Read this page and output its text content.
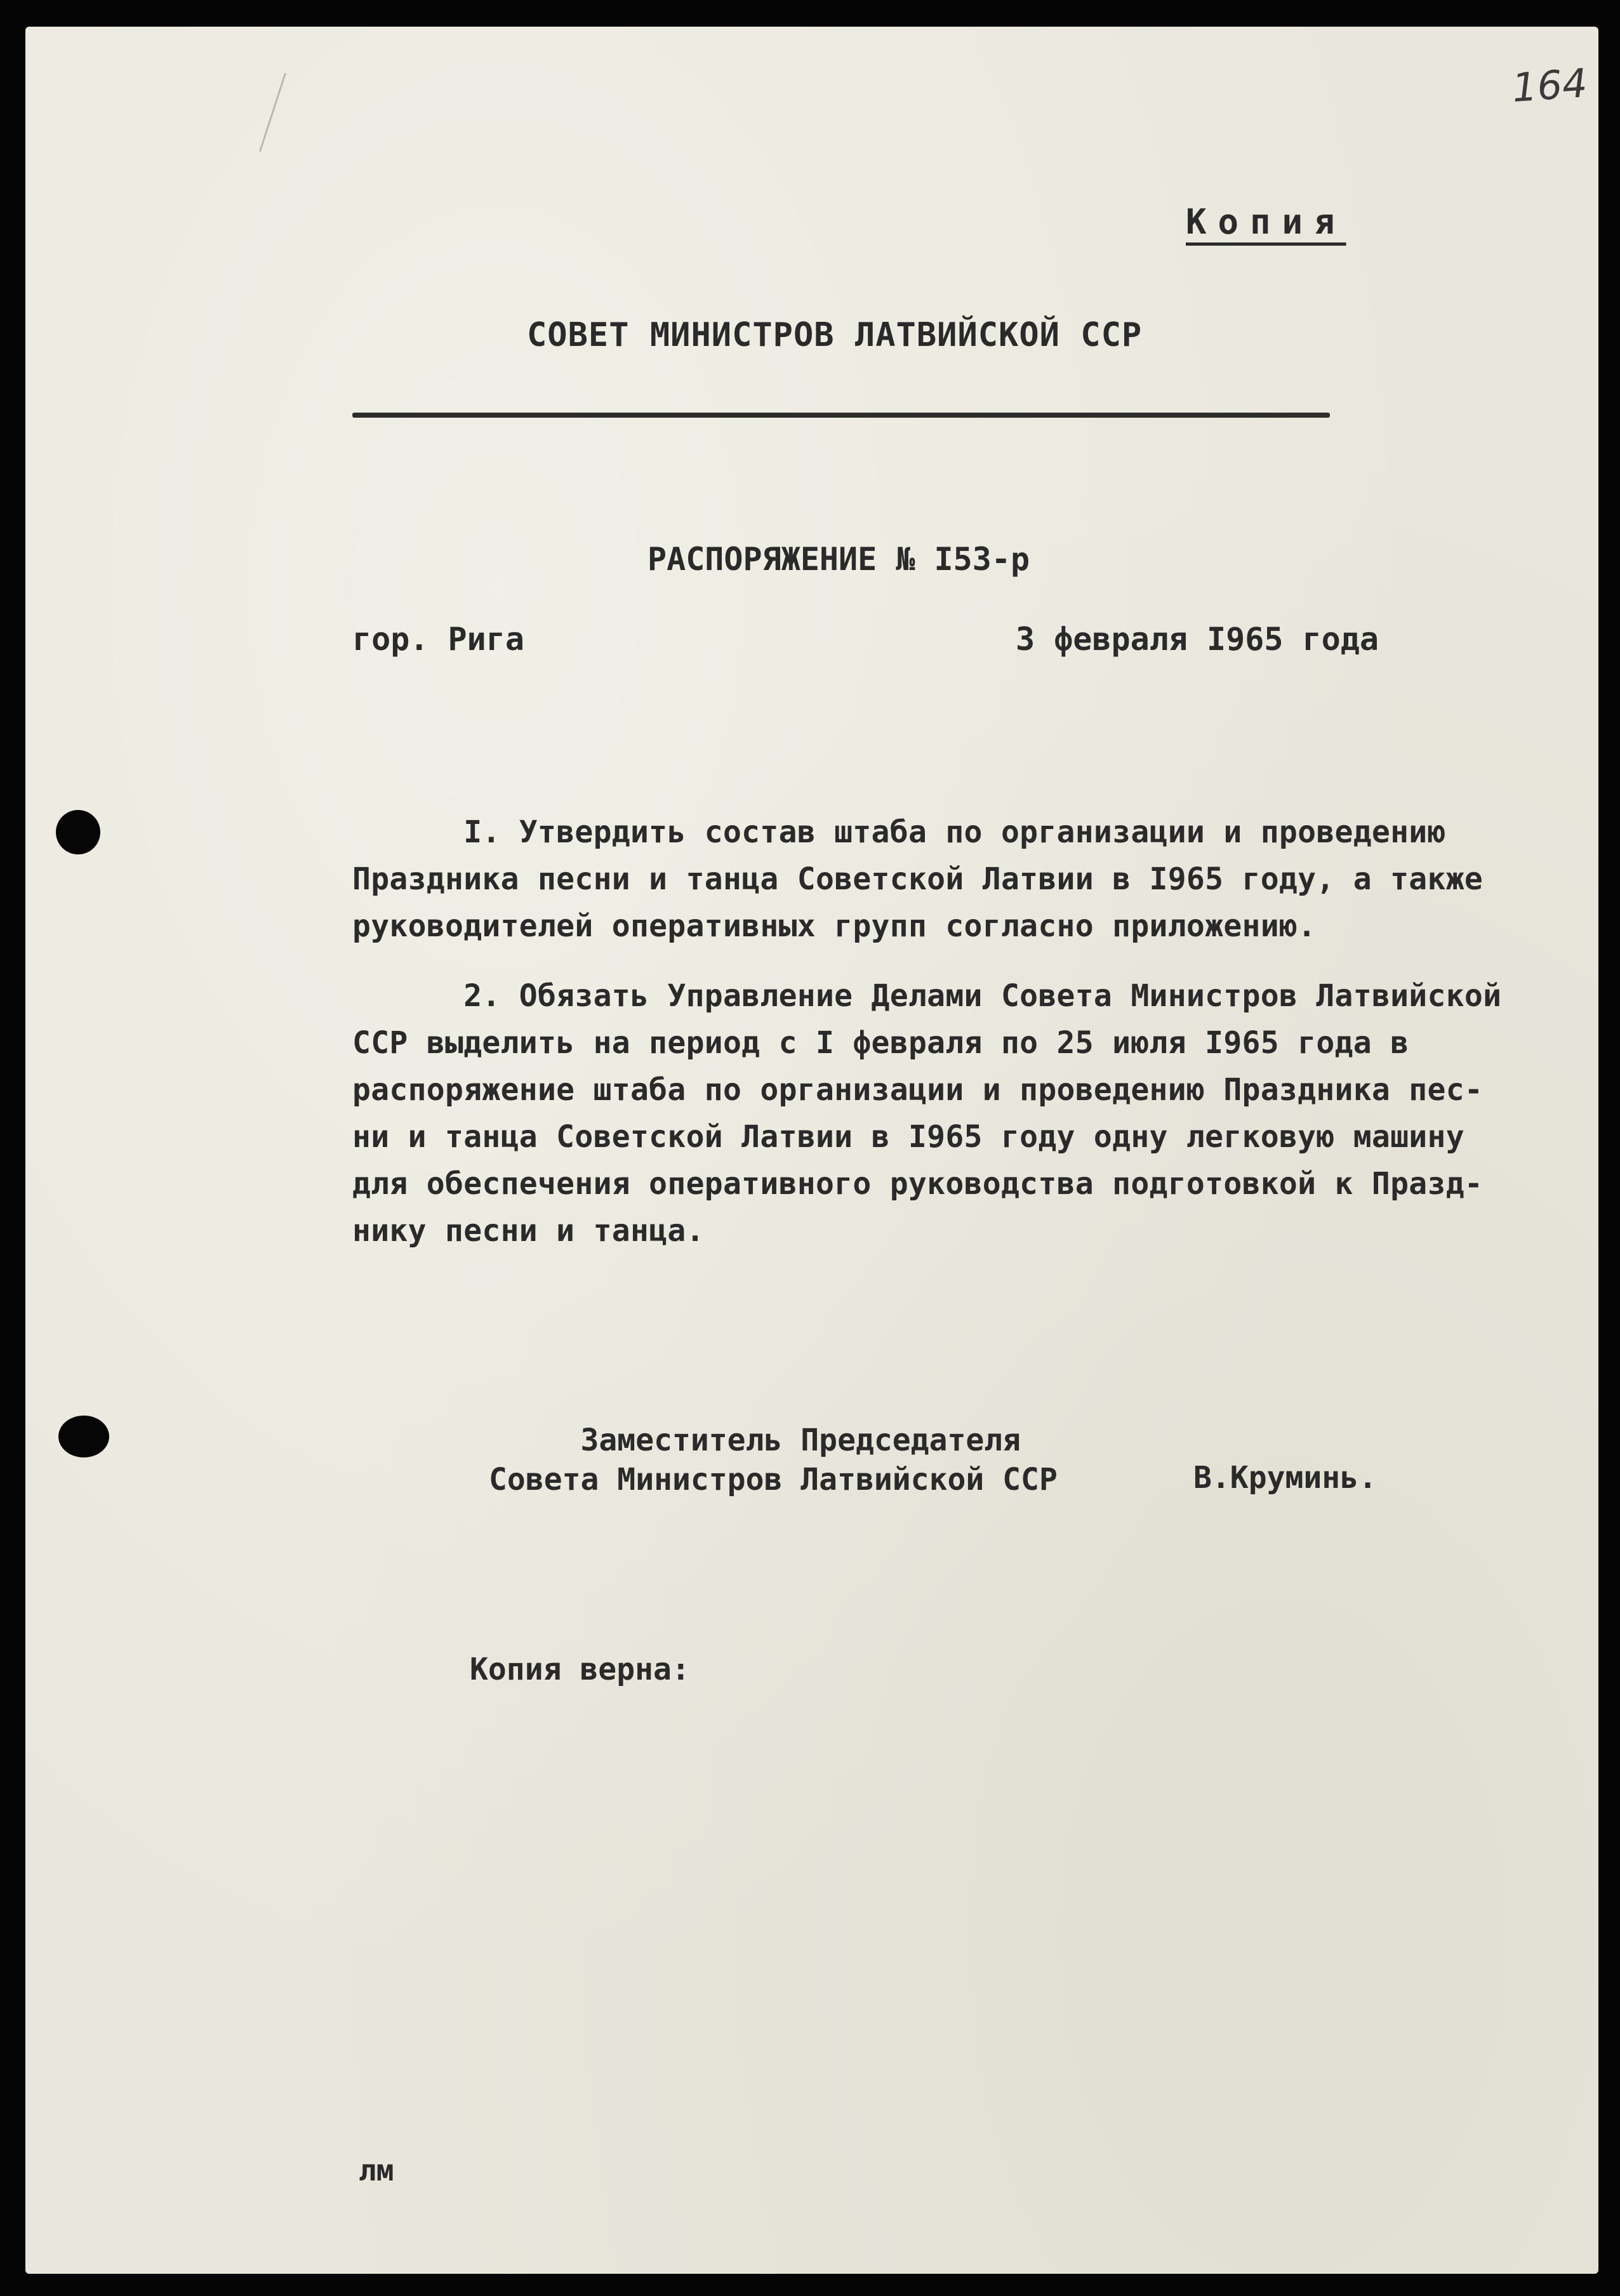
164

Копия

СОВЕТ МИНИСТРОВ ЛАТВИЙСКОЙ ССР

РАСПОРЯЖЕНИЕ № I53-р

гор. Рига	3 февраля I965 года

I. Утвердить состав штаба по организации и проведению
Праздника песни и танца Советской Латвии в I965 году, а также
руководителей оперативных групп согласно приложению.

2. Обязать Управление Делами Совета Министров Латвийской
ССР выделить на период с I февраля по 25 июля I965 года в
распоряжение штаба по организации и проведению Праздника пес-
ни и танца Советской Латвии в I965 году одну легковую машину
для обеспечения оперативного руководства подготовкой к Празд-
нику песни и танца.

Заместитель Председателя
Совета Министров Латвийской ССР	В.Круминь.

Копия верна:

лм
